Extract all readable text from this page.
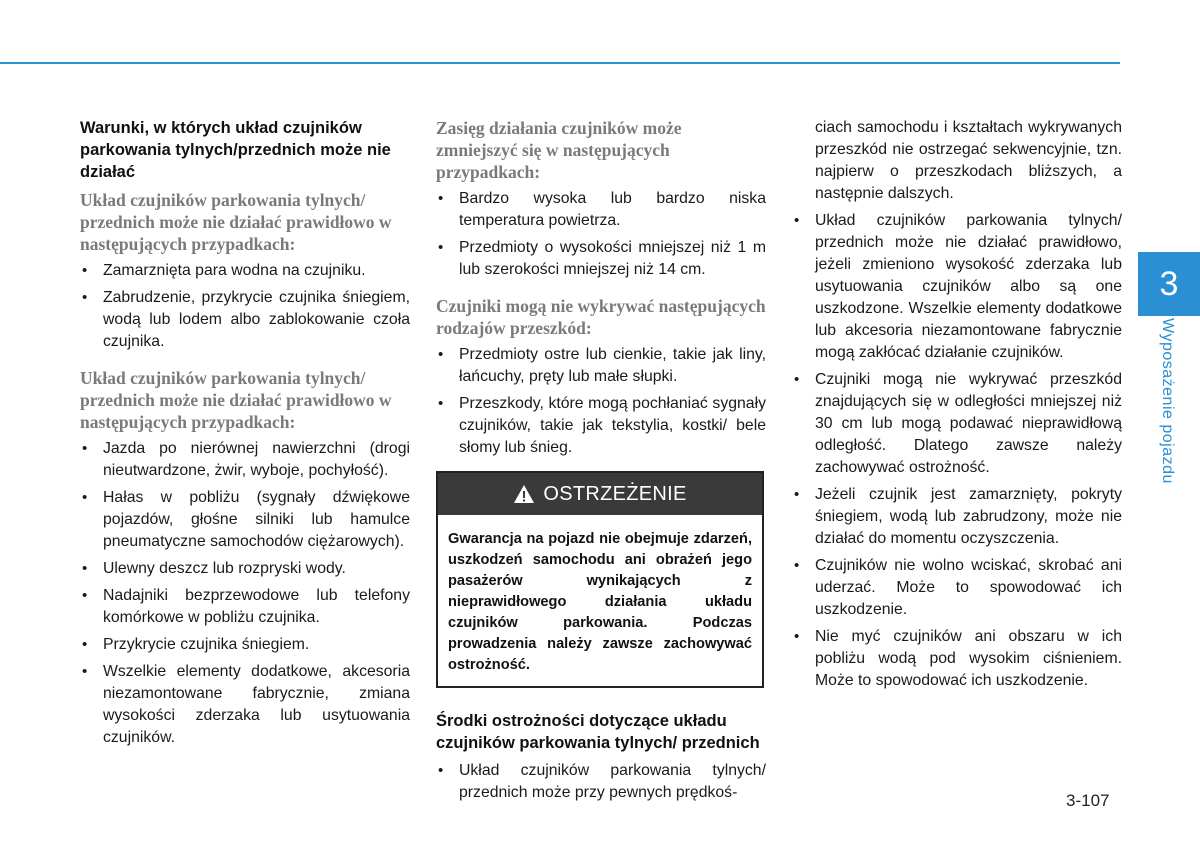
Warunki, w których układ czujników parkowania tylnych/przednich może nie działać
Układ czujników parkowania tylnych/ przednich może nie działać prawidłowo w następujących przypadkach:
• Zamarznięta para wodna na czujniku.
• Zabrudzenie, przykrycie czujnika śniegiem, wodą lub lodem albo zablokowanie czoła czujnika.
Układ czujników parkowania tylnych/ przednich może nie działać prawidłowo w następujących przypadkach:
• Jazda po nierównej nawierzchni (drogi nieutwardzone, żwir, wyboje, pochyłość).
• Hałas w pobliżu (sygnały dźwiękowe pojazdów, głośne silniki lub hamulce pneumatyczne samochodów ciężarowych).
• Ulewny deszcz lub rozpryski wody.
• Nadajniki bezprzewodowe lub telefony komórkowe w pobliżu czujnika.
• Przykrycie czujnika śniegiem.
• Wszelkie elementy dodatkowe, akcesoria niezamontowane fabrycznie, zmiana wysokości zderzaka lub usytuowania czujników.
Zasięg działania czujników może zmniejszyć się w następujących przypadkach:
• Bardzo wysoka lub bardzo niska temperatura powietrza.
• Przedmioty o wysokości mniejszej niż 1 m lub szerokości mniejszej niż 14 cm.
Czujniki mogą nie wykrywać następujących rodzajów przeszkód:
• Przedmioty ostre lub cienkie, takie jak liny, łańcuchy, pręty lub małe słupki.
• Przeszkody, które mogą pochłaniać sygnały czujników, takie jak tekstylia, kostki/ bele słomy lub śnieg.
OSTRZEŻENIE
Gwarancja na pojazd nie obejmuje zdarzeń, uszkodzeń samochodu ani obrażeń jego pasażerów wynikających z nieprawidłowego działania układu czujników parkowania. Podczas prowadzenia należy zawsze zachowywać ostrożność.
Środki ostrożności dotyczące układu czujników parkowania tylnych/ przednich
• Układ czujników parkowania tylnych/ przednich może przy pewnych prędkoś-
ciach samochodu i kształtach wykrywanych przeszkód nie ostrzegać sekwencyjnie, tzn. najpierw o przeszkodach bliższych, a następnie dalszych.
• Układ czujników parkowania tylnych/ przednich może nie działać prawidłowo, jeżeli zmieniono wysokość zderzaka lub usytuowania czujników albo są one uszkodzone. Wszelkie elementy dodatkowe lub akcesoria niezamontowane fabrycznie mogą zakłócać działanie czujników.
• Czujniki mogą nie wykrywać przeszkód znajdujących się w odległości mniejszej niż 30 cm lub mogą podawać nieprawidłową odległość. Dlatego zawsze należy zachowywać ostrożność.
• Jeżeli czujnik jest zamarznięty, pokryty śniegiem, wodą lub zabrudzony, może nie działać do momentu oczyszczenia.
• Czujników nie wolno wciskać, skrobać ani uderzać. Może to spowodować ich uszkodzenie.
• Nie myć czujników ani obszaru w ich pobliżu wodą pod wysokim ciśnieniem. Może to spowodować ich uszkodzenie.
3
Wyposażenie pojazdu
3-107
